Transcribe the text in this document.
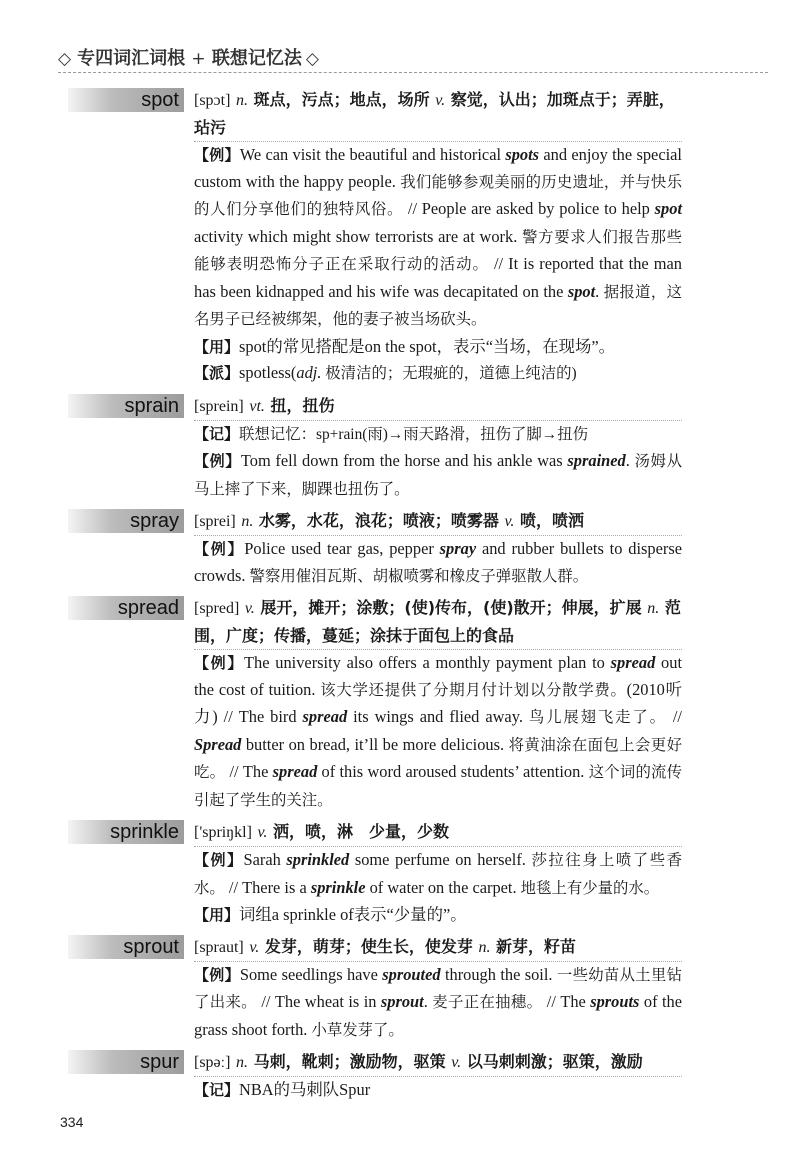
◇ 专四词汇词根 + 联想记忆法 ◇
spot [spɔt] n. 斑点，污点；地点，场所 v. 察觉，认出；加斑点于；弄脏，玷污
【例】We can visit the beautiful and historical spots and enjoy the special custom with the happy people. 我们能够参观美丽的历史遗址，并与快乐的人们分享他们的独特风俗。 // People are asked by police to help spot activity which might show terrorists are at work. 警方要求人们报告那些能够表明恐怖分子正在采取行动的活动。 // It is reported that the man has been kidnapped and his wife was decapitated on the spot. 据报道，这名男子已经被绑架，他的妻子被当场砍头。
【用】spot的常见搭配是on the spot，表示“当场，在现场”。
【派】spotless(adj. 极清洁的；无瑕疵的，道德上纯洁的)
sprain [sprein] vt. 扭，扭伤
【记】联想记忆：sp+rain(雨)→雨天路滑，扭伤了脚→扭伤
【例】Tom fell down from the horse and his ankle was sprained. 汤姆从马上摔了下来，脚踝也扭伤了。
spray [sprei] n. 水雾，水花，浪花；喷液；喷雾器 v. 喷，喷洒
【例】Police used tear gas, pepper spray and rubber bullets to disperse crowds. 警察用催泪瓦斯、胡椒喷雾和橡皮子弹驱散人群。
spread [spred] v. 展开，摊开；涂敷；(使)传布，(使)散开；伸展，扩展 n. 范围，广度；传播，蔓延；涂抹于面包上的食品
【例】The university also offers a monthly payment plan to spread out the cost of tuition. 该大学还提供了分期月付计划以分散学费。(2010听力) // The bird spread its wings and flied away. 鸟儿展翅飞走了。 // Spread butter on bread, it’ll be more delicious. 将黄油涂在面包上会更好吃。 // The spread of this word aroused students’ attention. 这个词的流传引起了学生的关注。
sprinkle ['spriŋkl] v. 洒，喷，淋　少量，少数
【例】Sarah sprinkled some perfume on herself. 莎拉往身上喷了些香水。 // There is a sprinkle of water on the carpet. 地毯上有少量的水。
【用】词组a sprinkle of表示“少量的”。
sprout [spraut] v. 发芽，萌芽；使生长，使发芽 n. 新芽，籽苗
【例】Some seedlings have sprouted through the soil. 一些幼苗从土里钻了出来。 // The wheat is in sprout. 麦子正在抽穗。 // The sprouts of the grass shoot forth. 小草发芽了。
spur [spəː] n. 马刺，靴刺；激励物，驱策 v. 以马刺刺激；驱策，激励
【记】NBA的马刺队Spur
334
